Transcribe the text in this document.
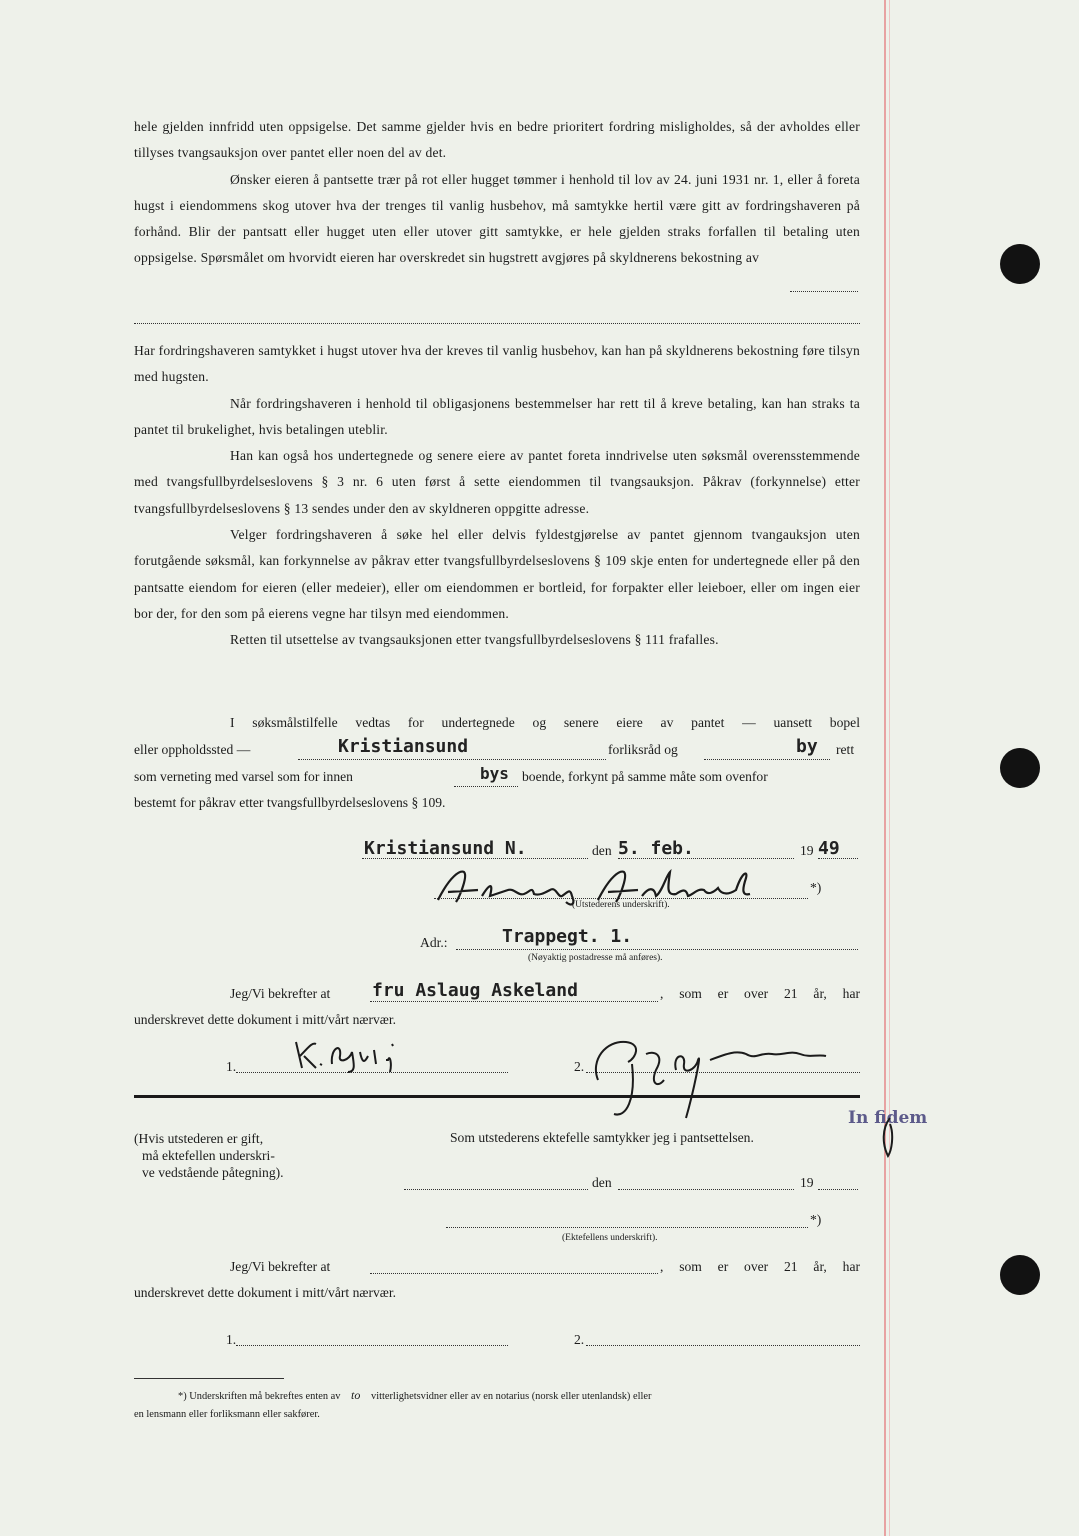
hele gjelden innfridd uten oppsigelse. Det samme gjelder hvis en bedre prioritert fordring misligholdes, så der avholdes eller tillyses tvangsauksjon over pantet eller noen del av det.

Ønsker eieren å pantsette trær på rot eller hugget tømmer i henhold til lov av 24. juni 1931 nr. 1, eller å foreta hugst i eiendommens skog utover hva der trenges til vanlig husbehov, må samtykke hertil være gitt av fordringshaveren på forhånd. Blir der pantsatt eller hugget uten eller utover gitt samtykke, er hele gjelden straks forfallen til betaling uten oppsigelse. Spørsmålet om hvorvidt eieren har overskredet sin hugstrett avgjøres på skyldnerens bekostning av

Har fordringshaveren samtykket i hugst utover hva der kreves til vanlig husbehov, kan han på skyldnerens bekostning føre tilsyn med hugsten.

Når fordringshaveren i henhold til obligasjonens bestemmelser har rett til å kreve betaling, kan han straks ta pantet til brukelighet, hvis betalingen uteblir.

Han kan også hos undertegnede og senere eiere av pantet foreta inndrivelse uten søksmål overensstemmende med tvangsfullbyrdelseslovens § 3 nr. 6 uten først å sette eiendommen til tvangsauksjon. Påkrav (forkynnelse) etter tvangsfullbyrdelseslovens § 13 sendes under den av skyldneren oppgitte adresse.

Velger fordringshaveren å søke hel eller delvis fyldestgjørelse av pantet gjennom tvangauksjon uten forutgående søksmål, kan forkynnelse av påkrav etter tvangsfullbyrdelseslovens § 109 skje enten for undertegnede eller på den pantsatte eiendom for eieren (eller medeier), eller om eiendommen er bortleid, for forpakter eller leieboer, eller om ingen eier bor der, for den som på eierens vegne har tilsyn med eiendommen.

Retten til utsettelse av tvangsauksjonen etter tvangsfullbyrdelseslovens § 111 frafalles.

I søksmålstilfelle vedtas for undertegnede og senere eiere av pantet — uansett bopel
eller oppholdssted —	Kristiansund	forliksråd og	by rett
som verneting med varsel som for innen	bys boende, forkynt på samme måte som ovenfor
bestemt for påkrav etter tvangsfullbyrdelseslovens § 109.
Kristiansund N.	den 5. feb.	19 49
*)
(Utstederens underskrift).
Adr.:	Trappegt. 1.
(Nøyaktig postadresse må anføres).
Jeg/Vi bekrefter at fru Aslaug Askeland	, som er over 21 år, har
underskrevet dette dokument i mitt/vårt nærvær.
1.	2.
In fidem
(Hvis utstederen er gift,
må ektefellen underskri-
ve vedstående påtegning).
Som utstederens ektefelle samtykker jeg i pantsettelsen.
den	19
*)
(Ektefellens underskrift).
Jeg/Vi bekrefter at	, som er over 21 år, har
underskrevet dette dokument i mitt/vårt nærvær.
1.	2.
*) Underskriften må bekreftes enten av to vitterlighetsvidner eller av en notarius (norsk eller utenlandsk) eller
en lensmann eller forliksmann eller sakfører.
